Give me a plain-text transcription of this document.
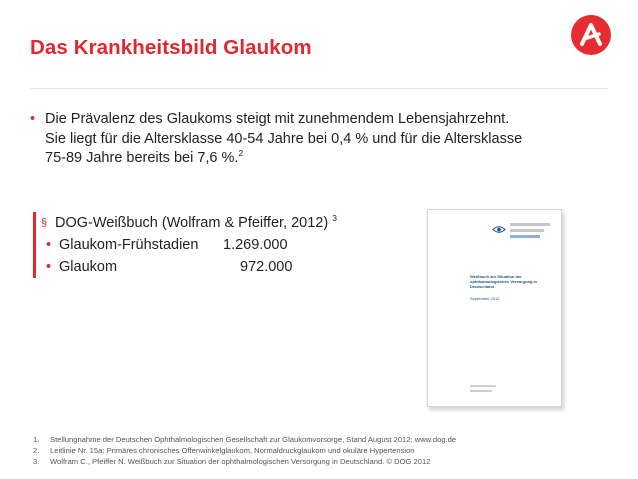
Das Krankheitsbild Glaukom
• Die Prävalenz des Glaukoms steigt mit zunehmendem Lebensjahrzehnt.
Sie liegt für die Altersklasse 40-54 Jahre bei 0,4 % und für die Altersklasse
75-89 Jahre bereits bei 7,6 %.$^2$
§ DOG-Weißbuch (Wolfram & Pfeiffer, 2012) $^3$
• Glaukom-Frühstadien 1.269.000
• Glaukom	972.000
Weißbuch zur Situation der ophthalmologischen Versorgung in Deutschland
September 2012
1. Stellungnahme der Deutschen Ophthalmologischen Gesellschaft zur Glaukomvorsorge, Stand August 2012; www.dog.de
2. Leitlinie Nr. 15a: Primäres chronisches Offenwinkelglaukom, Normaldruckglaukom und okuläre Hypertension
3. Wolfram C., Pfeiffer N. Weißbuch zur Situation der ophthalmologischen Versorgung in Deutschland. © DOG 2012
